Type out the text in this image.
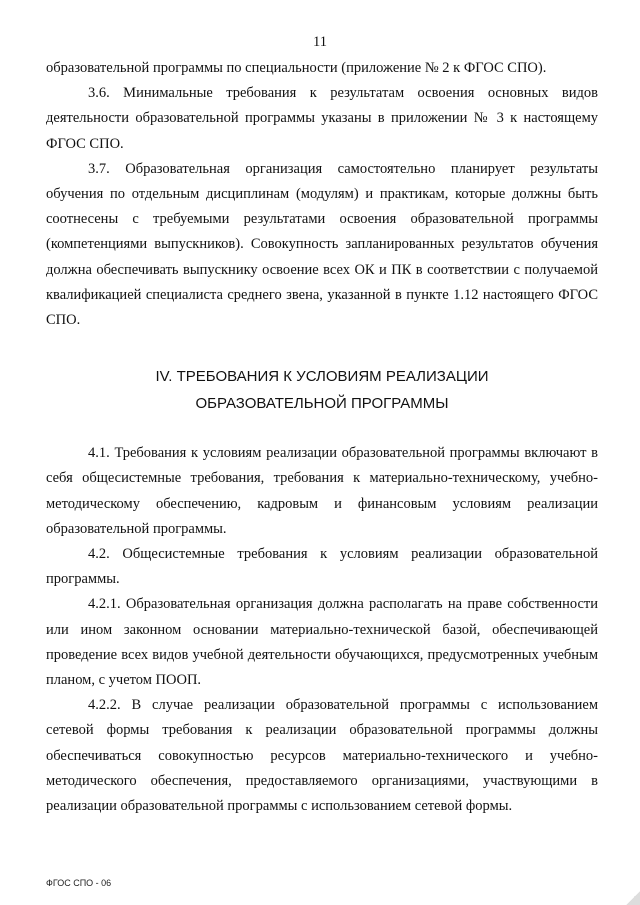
11

образовательной программы по специальности (приложение № 2 к ФГОС СПО).

3.6. Минимальные требования к результатам освоения основных видов деятельности образовательной программы указаны в приложении № 3 к настоящему ФГОС СПО.

3.7. Образовательная организация самостоятельно планирует результаты обучения по отдельным дисциплинам (модулям) и практикам, которые должны быть соотнесены с требуемыми результатами освоения образовательной программы (компетенциями выпускников). Совокупность запланированных результатов обучения должна обеспечивать выпускнику освоение всех ОК и ПК в соответствии с получаемой квалификацией специалиста среднего звена, указанной в пункте 1.12 настоящего ФГОС СПО.

IV. ТРЕБОВАНИЯ К УСЛОВИЯМ РЕАЛИЗАЦИИ
ОБРАЗОВАТЕЛЬНОЙ ПРОГРАММЫ

4.1. Требования к условиям реализации образовательной программы включают в себя общесистемные требования, требования к материально-техническому, учебно-методическому обеспечению, кадровым и финансовым условиям реализации образовательной программы.

4.2. Общесистемные требования к условиям реализации образовательной программы.

4.2.1. Образовательная организация должна располагать на праве собственности или ином законном основании материально-технической базой, обеспечивающей проведение всех видов учебной деятельности обучающихся, предусмотренных учебным планом, с учетом ПООП.

4.2.2. В случае реализации образовательной программы с использованием сетевой формы требования к реализации образовательной программы должны обеспечиваться совокупностью ресурсов материально-технического и учебно-методического обеспечения, предоставляемого организациями, участвующими в реализации образовательной программы с использованием сетевой формы.

ФГОС СПО - 06
